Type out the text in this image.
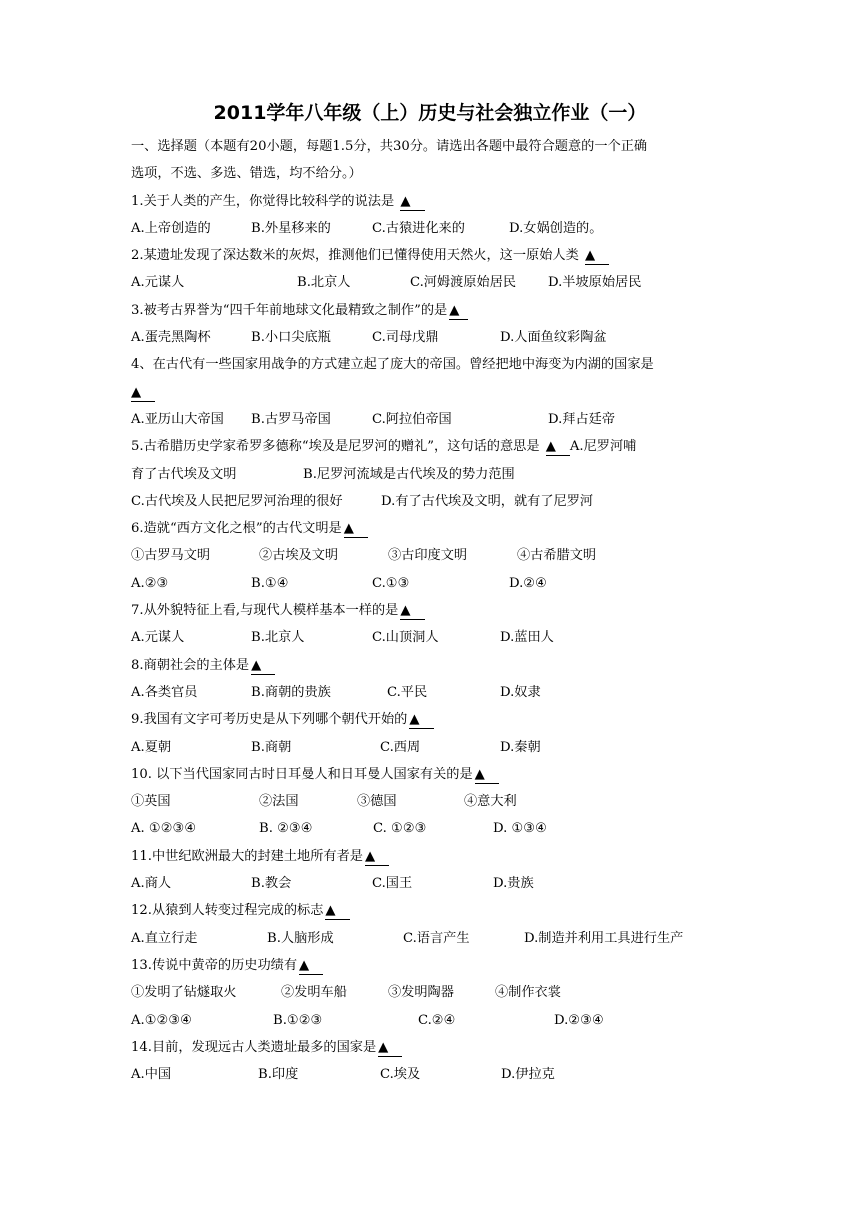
2011学年八年级（上）历史与社会独立作业（一）
一、选择题（本题有20小题，每题1.5分，共30分。请选出各题中最符合题意的一个正确
选项，不选、多选、错选，均不给分。）
1.关于人类的产生，你觉得比较科学的说法是 ▲
A.上帝创造的	B.外星移来的	C.古猿进化来的	D.女娲创造的。
2.某遗址发现了深达数米的灰烬，推测他们已懂得使用天然火，这一原始人类 ▲
A.元谋人	B.北京人	C.河姆渡原始居民 D.半坡原始居民
3.被考古界誉为“四千年前地球文化最精致之制作”的是 ▲
A.蛋壳黑陶杯	B.小口尖底瓶	C.司母戊鼎	D.人面鱼纹彩陶盆
4、在古代有一些国家用战争的方式建立起了庞大的帝国。曾经把地中海变为内湖的国家是
▲
A.亚历山大帝国 B.古罗马帝国	C.阿拉伯帝国	D.拜占廷帝
5.古希腊历史学家希罗多德称“埃及是尼罗河的赠礼”，这句话的意思是 ▲ A.尼罗河哺
育了古代埃及文明	B.尼罗河流域是古代埃及的势力范围
C.古代埃及人民把尼罗河治理的很好	D.有了古代埃及文明，就有了尼罗河
6.造就“西方文化之根”的古代文明是 ▲
①古罗马文明	②古埃及文明	③古印度文明	④古希腊文明
A.②③	B.①④	C.①③	D.②④
7.从外貌特征上看,与现代人模样基本一样的是 ▲
A.元谋人	B.北京人	C.山顶洞人	D.蓝田人
8.商朝社会的主体是 ▲
A.各类官员	B.商朝的贵族	C.平民	D.奴隶
9.我国有文字可考历史是从下列哪个朝代开始的 ▲
A.夏朝	B.商朝	C.西周	D.秦朝
10. 以下当代国家同古时日耳曼人和日耳曼人国家有关的是 ▲
①英国	②法国	③德国	④意大利
A. ①②③④	B. ②③④	C. ①②③	D. ①③④
11.中世纪欧洲最大的封建土地所有者是 ▲
A.商人	B.教会	C.国王	D.贵族
12.从猿到人转变过程完成的标志 ▲
A.直立行走	B.人脑形成	C.语言产生	D.制造并利用工具进行生产
13.传说中黄帝的历史功绩有 ▲
①发明了钻燧取火	②发明车船	③发明陶器	④制作衣裳
A.①②③④	B.①②③	C.②④	D.②③④
14.目前，发现远古人类遗址最多的国家是 ▲
A.中国	B.印度	C.埃及	D.伊拉克
